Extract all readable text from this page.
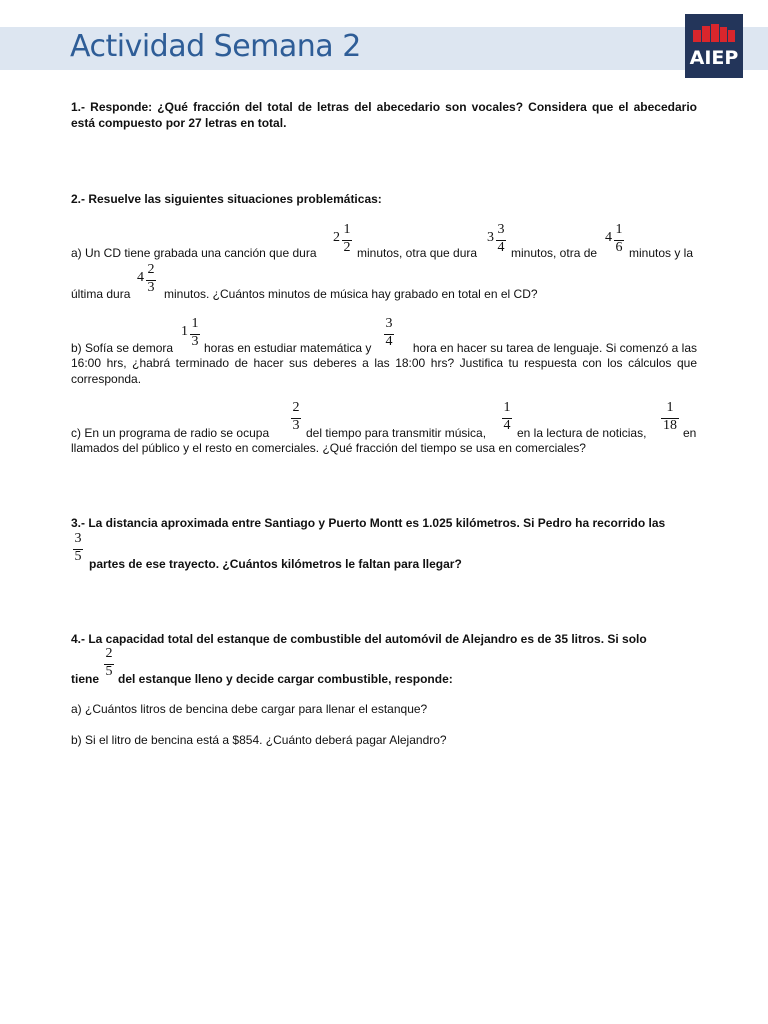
Actividad Semana 2	AIEP
1.- Responde: ¿Qué fracción del total de letras del abecedario son vocales? Considera que el abecedario está compuesto por 27 letras en total.
2.- Resuelve las siguientes situaciones problemáticas:
a) Un CD tiene grabada una canción que dura	minutos, otra que dura	minutos, otra de	minutos y la
última dura	minutos. ¿Cuántos minutos de música hay grabado en total en el CD?
2
1
2
3
3
4
4
1
6
4
2
3
b) Sofía se demora	horas en estudiar matemática y	hora en hacer su tarea de lenguaje. Si comenzó a las
16:00 hrs, ¿habrá terminado de hacer sus deberes a las 18:00 hrs? Justifica tu respuesta con los cálculos que corresponda.
1
1
3
3
4
c) En un programa de radio se ocupa	del tiempo para transmitir música,	en la lectura de noticias,	en
llamados del público y el resto en comerciales. ¿Qué fracción del tiempo se usa en comerciales?
2
3
1
4
1
18
3.- La distancia aproximada entre Santiago y Puerto Montt es 1.025 kilómetros. Si Pedro ha recorrido las
partes de ese trayecto. ¿Cuántos kilómetros le faltan para llegar?
3
5
4.- La capacidad total del estanque de combustible del automóvil de Alejandro es de 35 litros. Si solo
tiene del estanque lleno y decide cargar combustible, responde:
2
5
a) ¿Cuántos litros de bencina debe cargar para llenar el estanque?
b) Si el litro de bencina está a $854. ¿Cuánto deberá pagar Alejandro?
